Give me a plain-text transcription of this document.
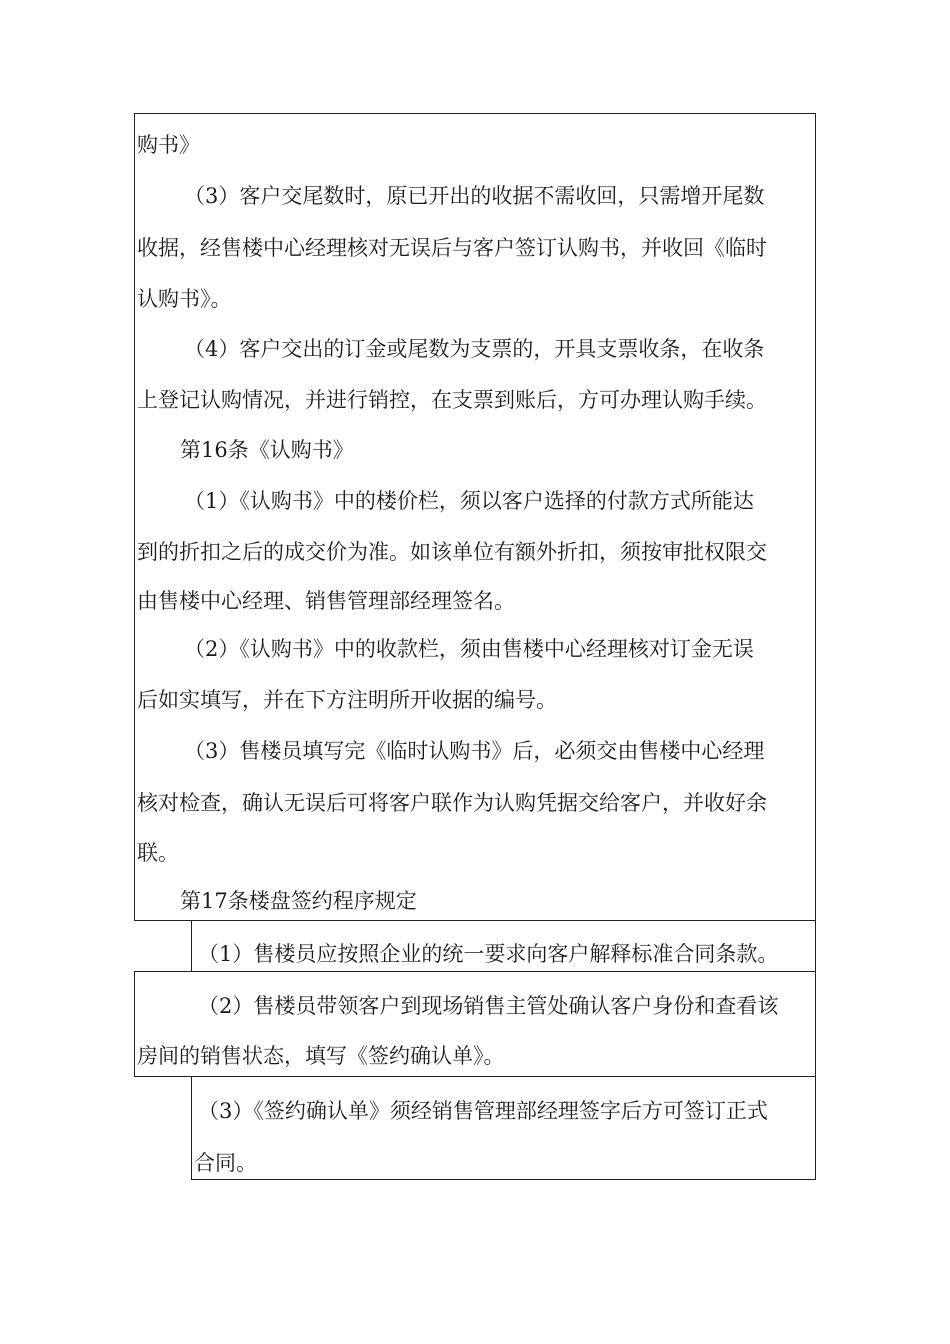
购书》
（3）客户交尾数时，原已开出的收据不需收回，只需增开尾数
收据，经售楼中心经理核对无误后与客户签订认购书，并收回《临时
认购书》。
（4）客户交出的订金或尾数为支票的，开具支票收条，在收条
上登记认购情况，并进行销控，在支票到账后，方可办理认购手续。
第16条《认购书》
（1）《认购书》中的楼价栏，须以客户选择的付款方式所能达
到的折扣之后的成交价为准。如该单位有额外折扣，须按审批权限交
由售楼中心经理、销售管理部经理签名。
（2）《认购书》中的收款栏，须由售楼中心经理核对订金无误
后如实填写，并在下方注明所开收据的编号。
（3）售楼员填写完《临时认购书》后，必须交由售楼中心经理
核对检查，确认无误后可将客户联作为认购凭据交给客户，并收好余
联。
第17条楼盘签约程序规定
（1）售楼员应按照企业的统一要求向客户解释标准合同条款。
（2）售楼员带领客户到现场销售主管处确认客户身份和查看该
房间的销售状态，填写《签约确认单》。
（3）《签约确认单》须经销售管理部经理签字后方可签订正式
合同。
